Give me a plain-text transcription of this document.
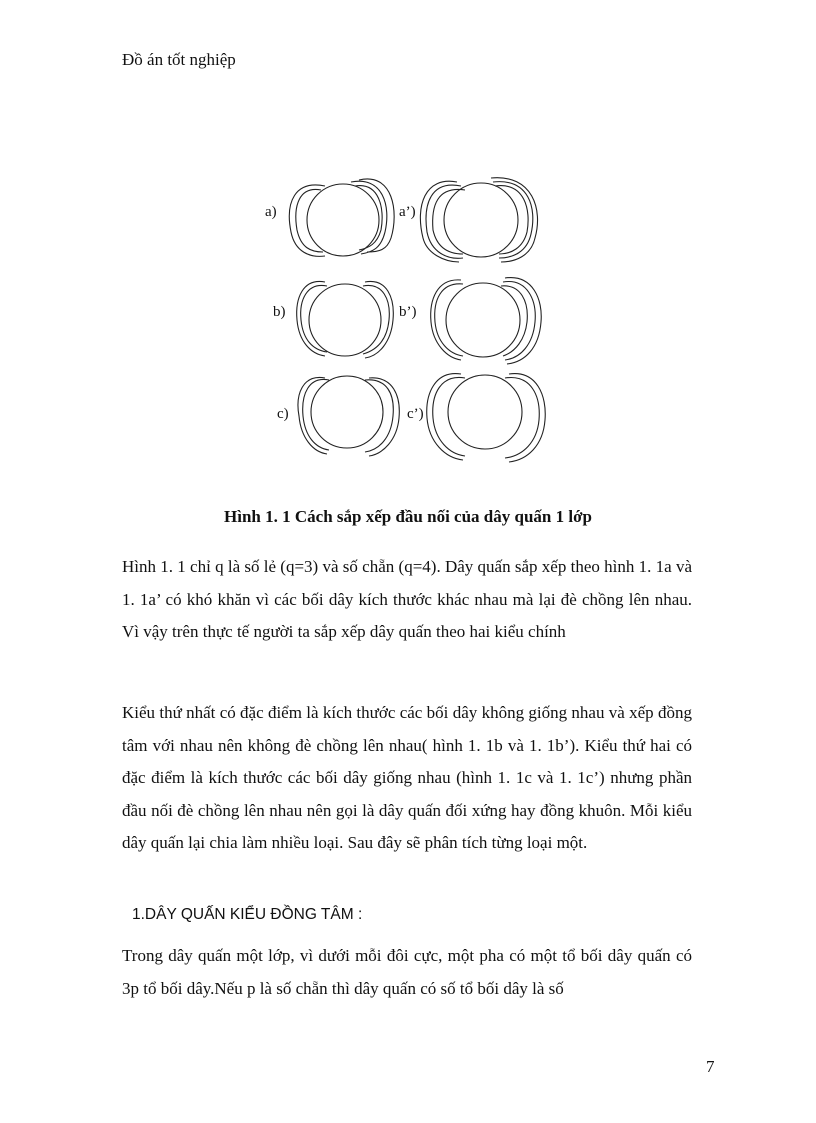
Đồ án tốt nghiệp
a)	a’)
b)	b’)
c)	c’)
Hình 1. 1 Cách sắp xếp đầu nối của dây quấn 1 lớp

Hình 1. 1 chỉ q là số lẻ (q=3) và số chẵn (q=4). Dây quấn sắp xếp theo hình 1. 1a và 1. 1a’ có khó khăn vì các bối dây kích thước khác nhau mà lại đè chồng lên nhau. Vì vậy trên thực tế người ta sắp xếp dây quấn theo hai kiểu chính

Kiểu thứ nhất có đặc điểm là kích thước các bối dây không giống nhau và xếp đồng tâm với nhau nên không đè chồng lên nhau( hình 1. 1b và 1. 1b’). Kiểu thứ hai có đặc điểm là kích thước các bối dây giống nhau (hình 1. 1c và 1. 1c’) nhưng phần đầu nối đè chồng lên nhau nên gọi là dây quấn đối xứng hay đồng khuôn. Mỗi kiểu dây quấn lại chia làm nhiều loại. Sau đây sẽ phân tích từng loại một.

1.DÂY QUẤN KIỂU ĐỒNG TÂM :

Trong dây quấn một lớp, vì dưới mỗi đôi cực, một pha có một tổ bối dây quấn có 3p tổ bối dây.Nếu p là số chẵn thì dây quấn có số tổ bối dây là số

7
